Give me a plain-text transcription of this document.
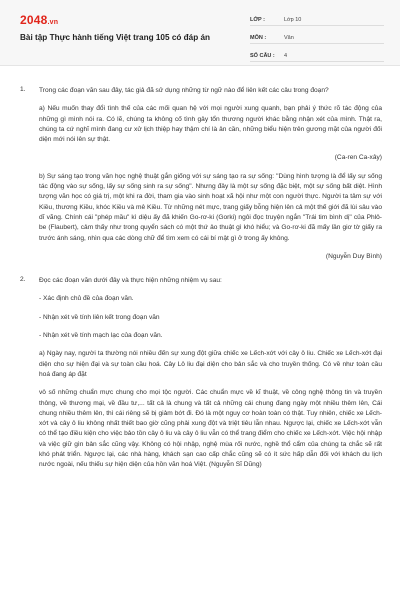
2048.vn
Bài tập Thực hành tiếng Việt trang 105 có đáp án
LỚP :	Lớp 10
MÔN :	Văn
SỐ CÂU :	4
1. Trong các đoạn văn sau đây, tác giả đã sử dụng những từ ngữ nào để liên kết các câu trong đoạn?

a) Nếu muốn thay đổi tình thế của các mối quan hệ với mọi người xung quanh, bạn phải ý thức rõ tác động của những gì mình nói ra. Có lẽ, chúng ta không cố tình gây tổn thương người khác bằng nhận xét của mình. Thật ra, chúng ta cứ nghĩ mình đang cư xử lịch thiệp hay thậm chí là ân cần, những biểu hiện trên gương mặt của người đối diện mới nói lên sự thật.

(Ca-ren Ca-xây)

b) Sự sáng tạo trong văn học nghệ thuật gắn giống với sự sáng tạo ra sự sống: "Dùng hình tượng là để lấy sự sống tác động vào sự sống, lấy sự sống sinh ra sự sống". Nhưng đây là một sự sống đặc biệt, một sự sống bất diệt. Hình tượng văn học có giá trị, một khi ra đời, tham gia vào sinh hoạt xã hội như một con người thực. Người ta tâm sự với Kiều, thương Kiều, khóc Kiều và mê Kiều. Từ những nét mực, trang giấy bỗng hiện lên cả một thế giới đã lùi sâu vào dĩ vãng. Chính cái "phép mầu" kì diệu ấy đã khiến Go-rơ-ki (Gorki) ngôi đọc truyện ngắn "Trái tim bình dị" của Phlô-be (Flaubert), cảm thấy như trong quyển sách có một thứ ảo thuật gì khó hiểu; và Go-rơ-ki đã mấy lần giơ tờ giấy ra trước ánh sáng, nhìn qua các dòng chữ để tìm xem có cái bí mật gì ở trong ấy không.

(Nguyễn Duy Bình)

2. Đọc các đoạn văn dưới đây và thực hiện những nhiệm vụ sau:

- Xác định chủ đề của đoạn văn.

- Nhận xét về tính liên kết trong đoạn văn

- Nhận xét về tính mạch lạc của đoạn văn.

a) Ngày nay, người ta thường nói nhiều đến sự xung đột giữa chiếc xe Lếch-xớt với cây ô liu. Chiếc xe Lếch-xớt đại diện cho sự hiện đại và sự toàn cầu hoá. Cây Lô liu đại diện cho bản sắc và cho truyền thống. Có về như toàn cầu hoá đang áp đặt

vô số những chuẩn mực chung cho mọi tộc người. Các chuẩn mực về kĩ thuật, về công nghệ thông tin và truyền thông, về thương mại, về đầu tư,... tất cả là chung và tất cả những cái chung đang ngày một nhiều thêm lên, Cái chung nhiều thêm lên, thì cái riêng sẽ bị giảm bớt đi. Đó là một nguy cơ hoàn toàn có thật. Tuy nhiên, chiếc xe Lếch-xớt và cây ô liu không nhất thiết bao giờ cũng phải xung đột và triệt tiêu lẫn nhau. Ngược lại, chiếc xe Lếch-xớt vẫn có thể tạo điều kiện cho việc bảo tồn cây ô liu và cây ô liu vẫn có thể trang điểm cho chiếc xe Lếch-xớt. Việc hội nhập và việc giữ gìn bản sắc cũng vậy. Không có hội nhập, nghệ mùa rối nước, nghề thổ cẩm của chúng ta chắc sẽ rất khó phát triển. Ngược lại, các nhà hàng, khách sạn cao cấp chắc cũng sẽ có ít sức hấp dẫn đối với khách du lịch nước ngoài, nếu thiếu sự hiện diện của hồn văn hoá Việt. (Nguyễn Sĩ Dũng)
